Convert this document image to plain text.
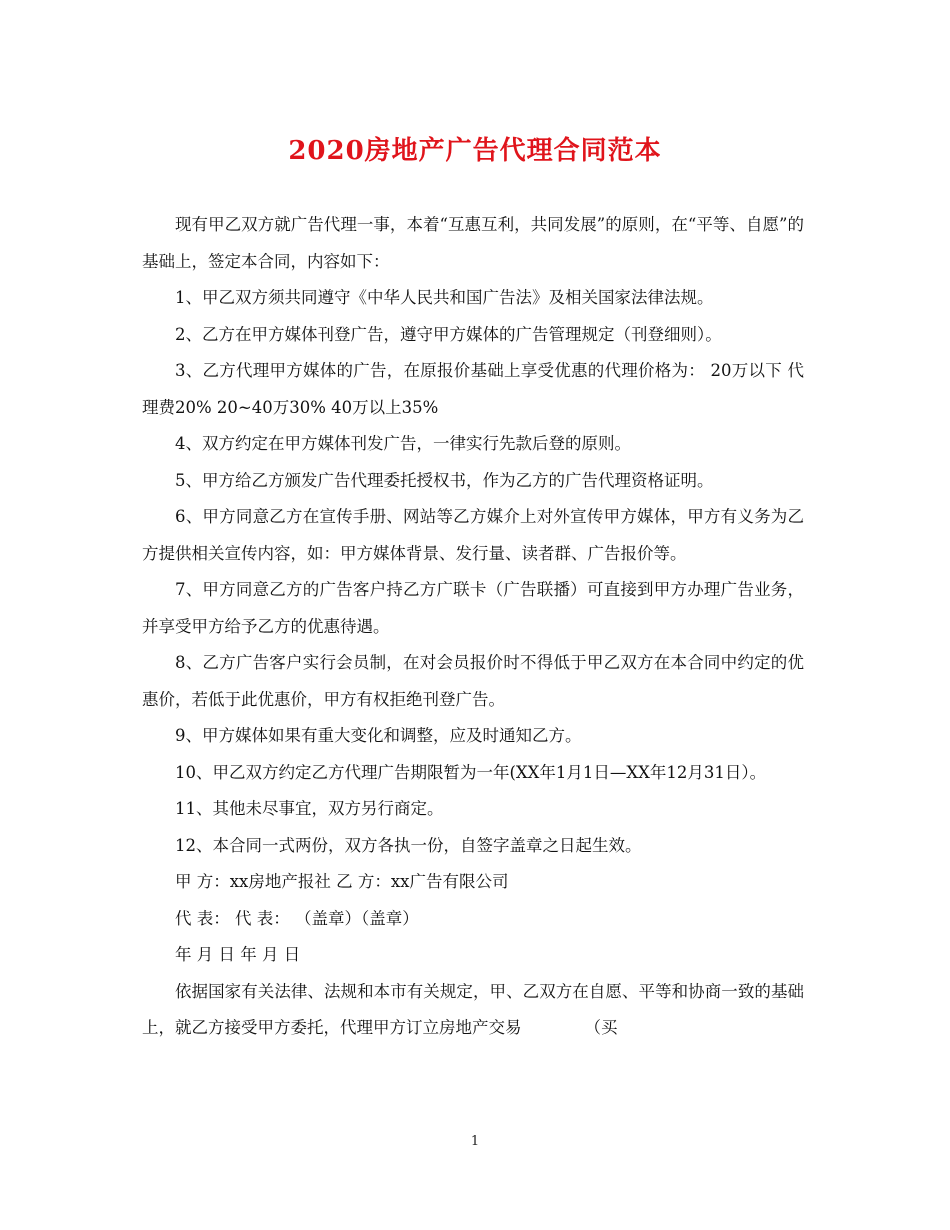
2020房地产广告代理合同范本

现有甲乙双方就广告代理一事，本着“互惠互利，共同发展”的原则，在“平等、自愿”的基础上，签定本合同，内容如下：

1、甲乙双方须共同遵守《中华人民共和国广告法》及相关国家法律法规。

2、乙方在甲方媒体刊登广告，遵守甲方媒体的广告管理规定（刊登细则）。

3、乙方代理甲方媒体的广告，在原报价基础上享受优惠的代理价格为： 20万以下 代理费20% 20~40万30% 40万以上35%

4、双方约定在甲方媒体刊发广告，一律实行先款后登的原则。

5、甲方给乙方颁发广告代理委托授权书，作为乙方的广告代理资格证明。

6、甲方同意乙方在宣传手册、网站等乙方媒介上对外宣传甲方媒体，甲方有义务为乙方提供相关宣传内容，如：甲方媒体背景、发行量、读者群、广告报价等。

7、甲方同意乙方的广告客户持乙方广联卡（广告联播）可直接到甲方办理广告业务，并享受甲方给予乙方的优惠待遇。

8、乙方广告客户实行会员制，在对会员报价时不得低于甲乙双方在本合同中约定的优惠价，若低于此优惠价，甲方有权拒绝刊登广告。

9、甲方媒体如果有重大变化和调整，应及时通知乙方。

10、甲乙双方约定乙方代理广告期限暂为一年(XX年1月1日—XX年12月31日）。

11、其他未尽事宜，双方另行商定。

12、本合同一式两份，双方各执一份，自签字盖章之日起生效。

甲 方：xx房地产报社 乙 方：xx广告有限公司

代 表： 代 表： （盖章）（盖章）

年 月 日 年 月 日

依据国家有关法律、法规和本市有关规定，甲、乙双方在自愿、平等和协商一致的基础上，就乙方接受甲方委托，代理甲方订立房地产交易            （买

1
